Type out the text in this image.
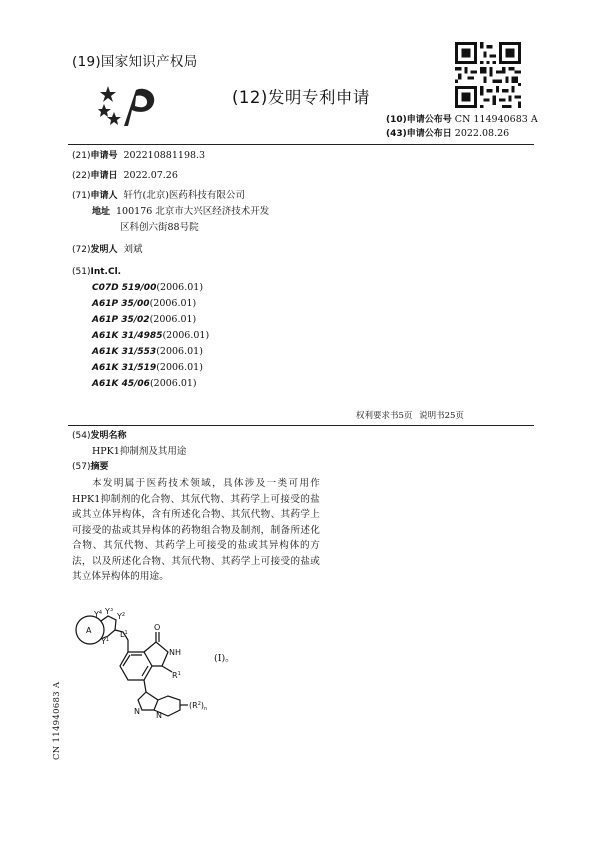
(19)国家知识产权局
(12)发明专利申请
(10)申请公布号 CN 114940683 A
(43)申请公布日 2022.08.26
(21)申请号 202210881198.3
(22)申请日 2022.07.26
(71)申请人 轩竹(北京)医药科技有限公司
地址 100176 北京市大兴区经济技术开发
区科创六街88号院
(72)发明人 刘斌
(51)Int.Cl.
C07D 519/00(2006.01)
A61P 35/00(2006.01)
A61P 35/02(2006.01)
A61K 31/4985(2006.01)
A61K 31/553(2006.01)
A61K 31/519(2006.01)
A61K 45/06(2006.01)
权利要求书5页 说明书25页
(54)发明名称
HPK1抑制剂及其用途
(57)摘要
本发明属于医药技术领域，具体涉及一类可用作HPK1抑制剂的化合物、其氘代物、其药学上可接受的盐或其立体异构体，含有所述化合物、其氘代物、其药学上可接受的盐或其异构体的药物组合物及制剂，制备所述化合物、其氘代物、其药学上可接受的盐或其异构体的方法，以及所述化合物、其氘代物、其药学上可接受的盐或其立体异构体的用途。
A
$Y^3$
$Y^2$
$Y^1$
$Y^4$
$L^1$
O
NH
$R^1$
N N
$(R^2)_n$
(I)。
CN 114940683 A
